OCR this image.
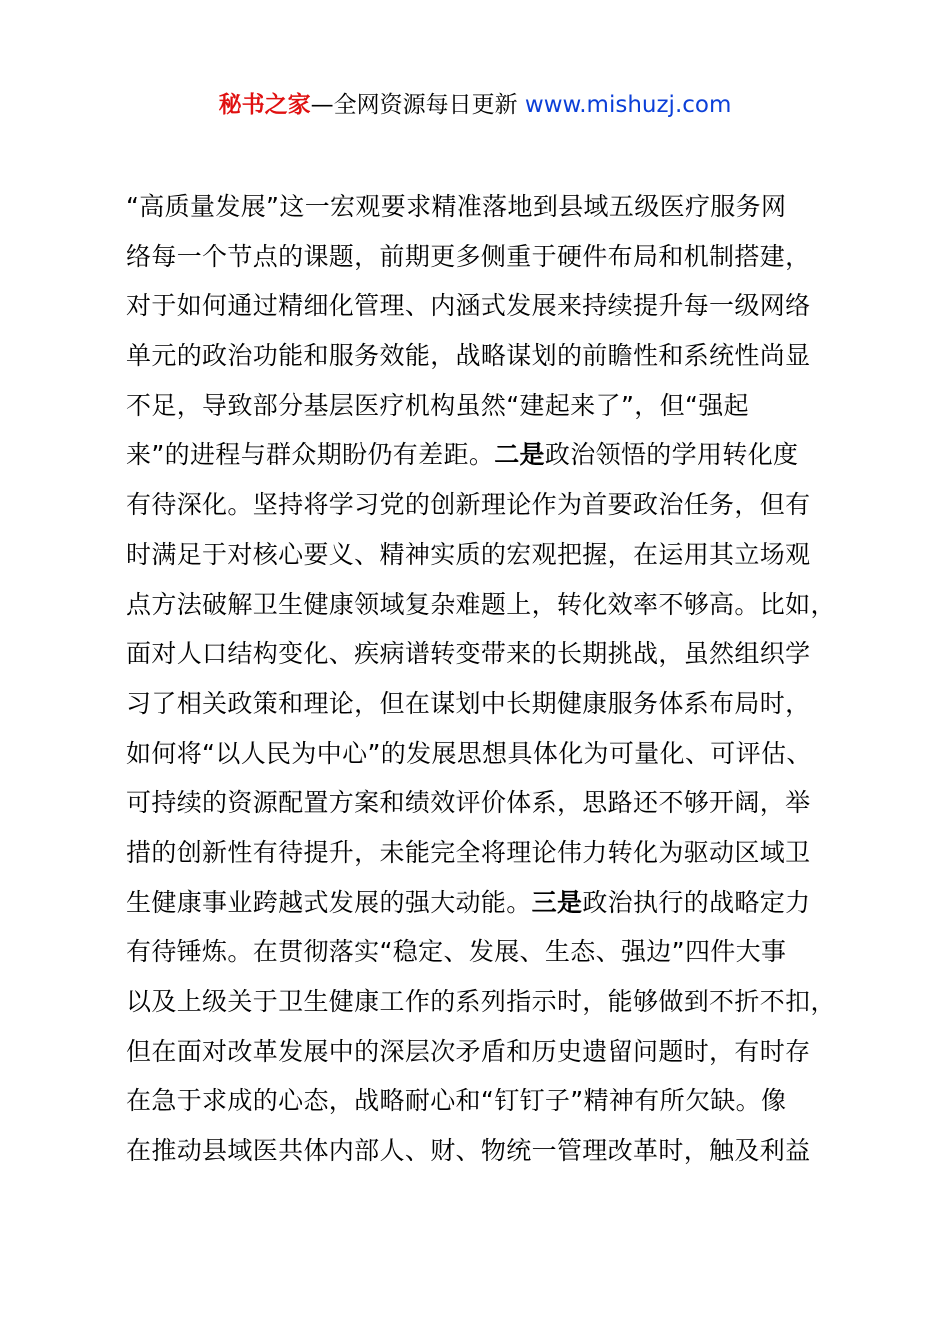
秘书之家—全网资源每日更新 www.mishuzj.com
“高质量发展”这一宏观要求精准落地到县域五级医疗服务网
络每一个节点的课题，前期更多侧重于硬件布局和机制搭建，
对于如何通过精细化管理、内涵式发展来持续提升每一级网络
单元的政治功能和服务效能，战略谋划的前瞻性和系统性尚显
不足，导致部分基层医疗机构虽然“建起来了”，但“强起
来”的进程与群众期盼仍有差距。二是政治领悟的学用转化度
有待深化。坚持将学习党的创新理论作为首要政治任务，但有
时满足于对核心要义、精神实质的宏观把握，在运用其立场观
点方法破解卫生健康领域复杂难题上，转化效率不够高。比如，
面对人口结构变化、疾病谱转变带来的长期挑战，虽然组织学
习了相关政策和理论，但在谋划中长期健康服务体系布局时，
如何将“以人民为中心”的发展思想具体化为可量化、可评估、
可持续的资源配置方案和绩效评价体系，思路还不够开阔，举
措的创新性有待提升，未能完全将理论伟力转化为驱动区域卫
生健康事业跨越式发展的强大动能。三是政治执行的战略定力
有待锤炼。在贯彻落实“稳定、发展、生态、强边”四件大事
以及上级关于卫生健康工作的系列指示时，能够做到不折不扣，
但在面对改革发展中的深层次矛盾和历史遗留问题时，有时存
在急于求成的心态，战略耐心和“钉钉子”精神有所欠缺。像
在推动县域医共体内部人、财、物统一管理改革时，触及利益
